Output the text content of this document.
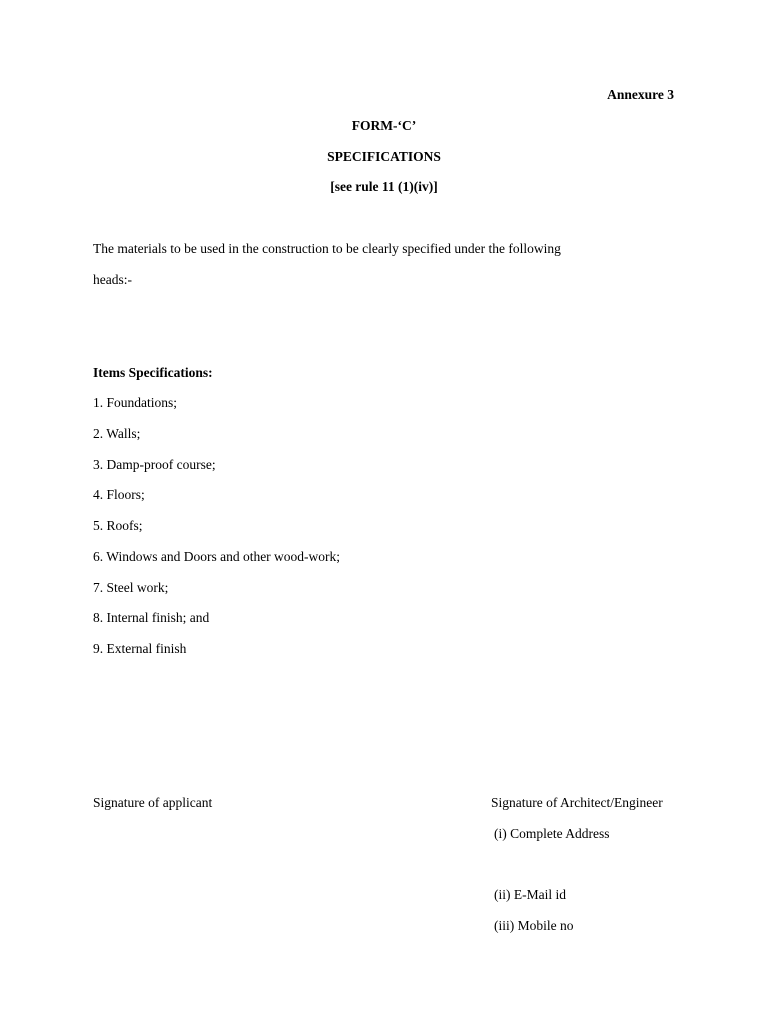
Annexure 3
FORM-‘C’
SPECIFICATIONS
[see rule 11 (1)(iv)]
The materials to be used in the construction to be clearly specified under the following
heads:-
Items Specifications:
1. Foundations;
2. Walls;
3. Damp-proof course;
4. Floors;
5. Roofs;
6. Windows and Doors and other wood-work;
7. Steel work;
8. Internal finish; and
9. External finish
Signature of applicant	Signature of Architect/Engineer
(i) Complete Address
(ii) E-Mail id
(iii) Mobile no
